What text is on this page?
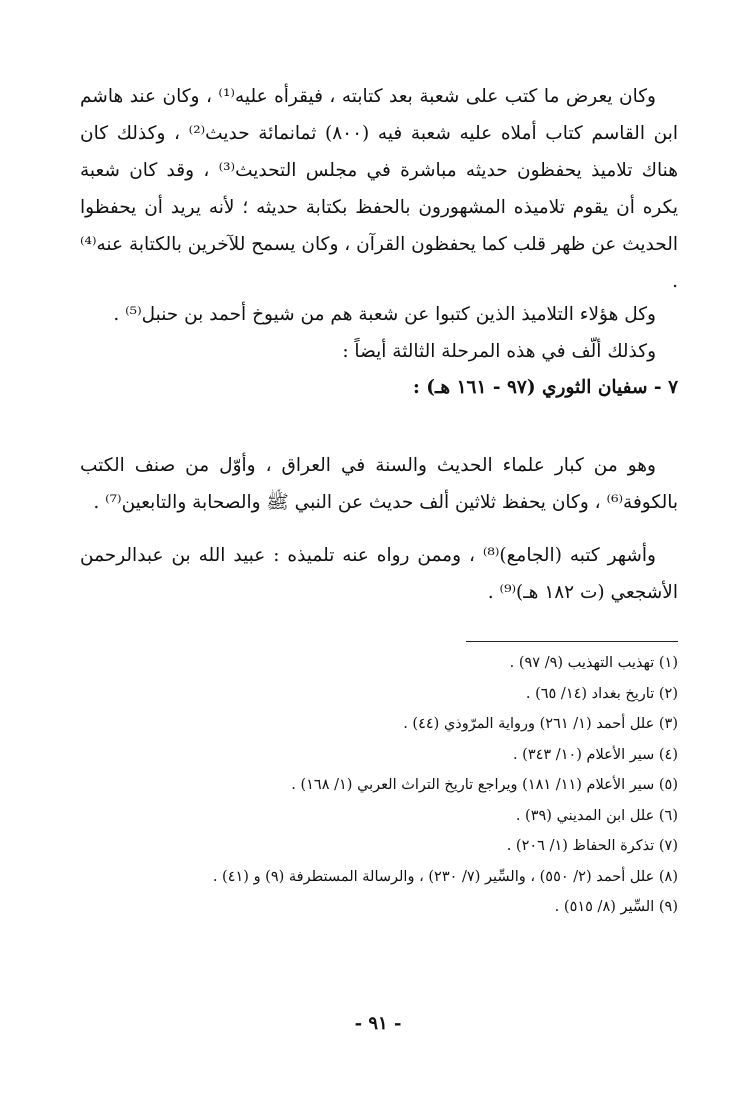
وكان يعرض ما كتب على شعبة بعد كتابته ، فيقرأه عليه⁽¹⁾ ، وكان عند هاشم ابن القاسم كتاب أملاه عليه شعبة فيه (٨٠٠) ثمانمائة حديث⁽²⁾ ، وكذلك كان هناك تلاميذ يحفظون حديثه مباشرة في مجلس التحديث⁽³⁾ ، وقد كان شعبة يكره أن يقوم تلاميذه المشهورون بالحفظ بكتابة حديثه ؛ لأنه يريد أن يحفظوا الحديث عن ظهر قلب كما يحفظون القرآن ، وكان يسمح للآخرين بالكتابة عنه⁽⁴⁾ .

وكل هؤلاء التلاميذ الذين كتبوا عن شعبة هم من شيوخ أحمد بن حنبل⁽⁵⁾ .

وكذلك ألّف في هذه المرحلة الثالثة أيضاً :

٧ - سفيان الثوري (٩٧ - ١٦١ هـ) :

وهو من كبار علماء الحديث والسنة في العراق ، وأوّل من صنف الكتب بالكوفة⁽⁶⁾ ، وكان يحفظ ثلاثين ألف حديث عن النبي ﷺ والصحابة والتابعين⁽⁷⁾ .

وأشهر كتبه (الجامع)⁽⁸⁾ ، وممن رواه عنه تلميذه : عبيد الله بن عبدالرحمن الأشجعي (ت ١٨٢ هـ)⁽⁹⁾ .

(١) تهذيب التهذيب (٩/ ٩٧) .
(٢) تاريخ بغداد (١٤/ ٦٥) .
(٣) علل أحمد (١/ ٢٦١) ورواية المرّوذي (٤٤) .
(٤) سير الأعلام (١٠/ ٣٤٣) .
(٥) سير الأعلام (١١/ ١٨١) ويراجع تاريخ التراث العربي (١/ ١٦٨) .
(٦) علل ابن المديني (٣٩) .
(٧) تذكرة الحفاظ (١/ ٢٠٦) .
(٨) علل أحمد (٢/ ٥٥٠) ، والسِّير (٧/ ٢٣٠) ، والرسالة المستطرفة (٩) و (٤١) .
(٩) السِّير (٨/ ٥١٥) .
- ٩١ -
